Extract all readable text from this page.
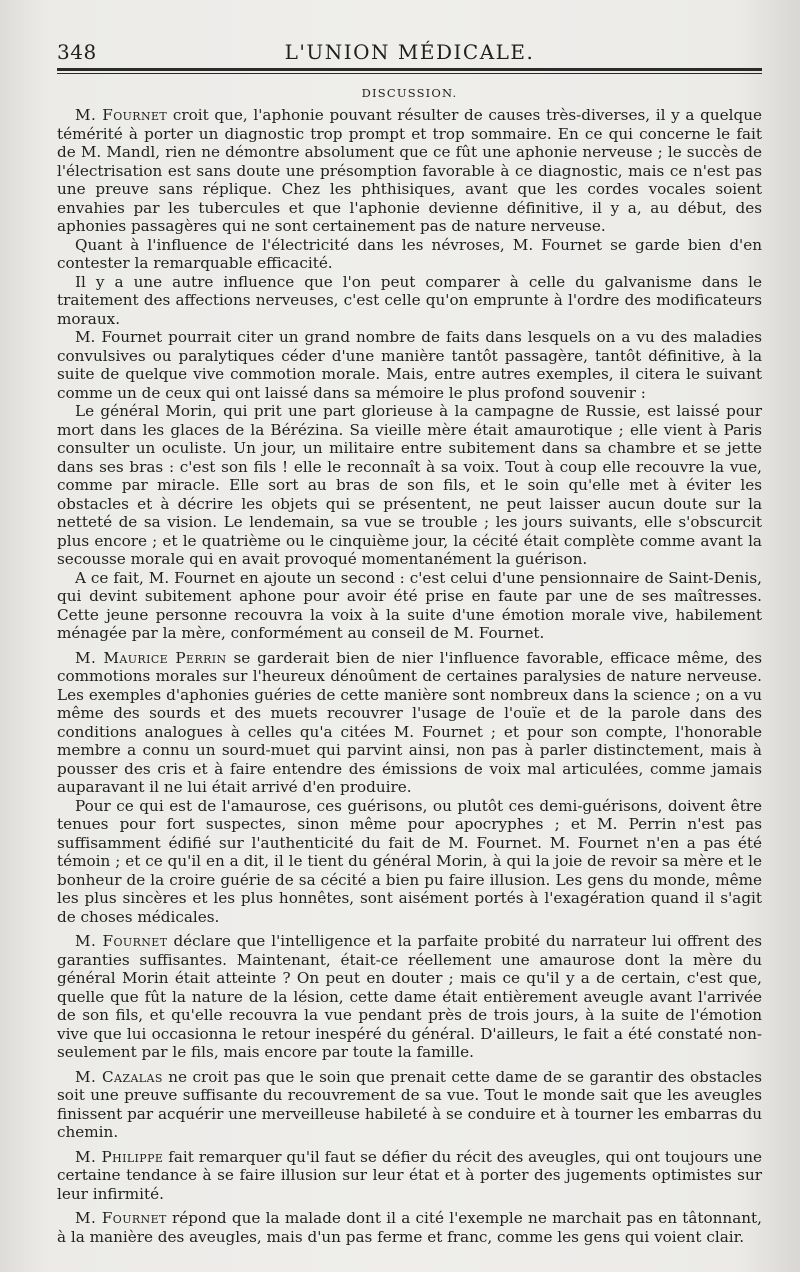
348	L'UNION MÉDICALE.
DISCUSSION.

M. Fournet croit que, l'aphonie pouvant résulter de causes très-diverses, il y a quelque témérité à porter un diagnostic trop prompt et trop sommaire. En ce qui concerne le fait de M. Mandl, rien ne démontre absolument que ce fût une aphonie nerveuse ; le succès de l'électrisation est sans doute une présomption favorable à ce diagnostic, mais ce n'est pas une preuve sans réplique. Chez les phthisiques, avant que les cordes vocales soient envahies par les tubercules et que l'aphonie devienne définitive, il y a, au début, des aphonies passagères qui ne sont certainement pas de nature nerveuse.

Quant à l'influence de l'électricité dans les névroses, M. Fournet se garde bien d'en contester la remarquable efficacité.

Il y a une autre influence que l'on peut comparer à celle du galvanisme dans le traitement des affections nerveuses, c'est celle qu'on emprunte à l'ordre des modificateurs moraux.

M. Fournet pourrait citer un grand nombre de faits dans lesquels on a vu des maladies convulsives ou paralytiques céder d'une manière tantôt passagère, tantôt définitive, à la suite de quelque vive commotion morale. Mais, entre autres exemples, il citera le suivant comme un de ceux qui ont laissé dans sa mémoire le plus profond souvenir :

Le général Morin, qui prit une part glorieuse à la campagne de Russie, est laissé pour mort dans les glaces de la Bérézina. Sa vieille mère était amaurotique ; elle vient à Paris consulter un oculiste. Un jour, un militaire entre subitement dans sa chambre et se jette dans ses bras : c'est son fils ! elle le reconnaît à sa voix. Tout à coup elle recouvre la vue, comme par miracle. Elle sort au bras de son fils, et le soin qu'elle met à éviter les obstacles et à décrire les objets qui se présentent, ne peut laisser aucun doute sur la netteté de sa vision. Le lendemain, sa vue se trouble ; les jours suivants, elle s'obscurcit plus encore ; et le quatrième ou le cinquième jour, la cécité était complète comme avant la secousse morale qui en avait provoqué momentanément la guérison.

A ce fait, M. Fournet en ajoute un second : c'est celui d'une pensionnaire de Saint-Denis, qui devint subitement aphone pour avoir été prise en faute par une de ses maîtresses. Cette jeune personne recouvra la voix à la suite d'une émotion morale vive, habilement ménagée par la mère, conformément au conseil de M. Fournet.

M. Maurice Perrin se garderait bien de nier l'influence favorable, efficace même, des commotions morales sur l'heureux dénoûment de certaines paralysies de nature nerveuse. Les exemples d'aphonies guéries de cette manière sont nombreux dans la science ; on a vu même des sourds et des muets recouvrer l'usage de l'ouïe et de la parole dans des conditions analogues à celles qu'a citées M. Fournet ; et pour son compte, l'honorable membre a connu un sourd-muet qui parvint ainsi, non pas à parler distinctement, mais à pousser des cris et à faire entendre des émissions de voix mal articulées, comme jamais auparavant il ne lui était arrivé d'en produire.

Pour ce qui est de l'amaurose, ces guérisons, ou plutôt ces demi-guérisons, doivent être tenues pour fort suspectes, sinon même pour apocryphes ; et M. Perrin n'est pas suffisamment édifié sur l'authenticité du fait de M. Fournet. M. Fournet n'en a pas été témoin ; et ce qu'il en a dit, il le tient du général Morin, à qui la joie de revoir sa mère et le bonheur de la croire guérie de sa cécité a bien pu faire illusion. Les gens du monde, même les plus sincères et les plus honnêtes, sont aisément portés à l'exagération quand il s'agit de choses médicales.

M. Fournet déclare que l'intelligence et la parfaite probité du narrateur lui offrent des garanties suffisantes. Maintenant, était-ce réellement une amaurose dont la mère du général Morin était atteinte ? On peut en douter ; mais ce qu'il y a de certain, c'est que, quelle que fût la nature de la lésion, cette dame était entièrement aveugle avant l'arrivée de son fils, et qu'elle recouvra la vue pendant près de trois jours, à la suite de l'émotion vive que lui occasionna le retour inespéré du général. D'ailleurs, le fait a été constaté non-seulement par le fils, mais encore par toute la famille.

M. Cazalas ne croit pas que le soin que prenait cette dame de se garantir des obstacles soit une preuve suffisante du recouvrement de sa vue. Tout le monde sait que les aveugles finissent par acquérir une merveilleuse habileté à se conduire et à tourner les embarras du chemin.

M. Philippe fait remarquer qu'il faut se défier du récit des aveugles, qui ont toujours une certaine tendance à se faire illusion sur leur état et à porter des jugements optimistes sur leur infirmité.

M. Fournet répond que la malade dont il a cité l'exemple ne marchait pas en tâtonnant, à la manière des aveugles, mais d'un pas ferme et franc, comme les gens qui voient clair.
